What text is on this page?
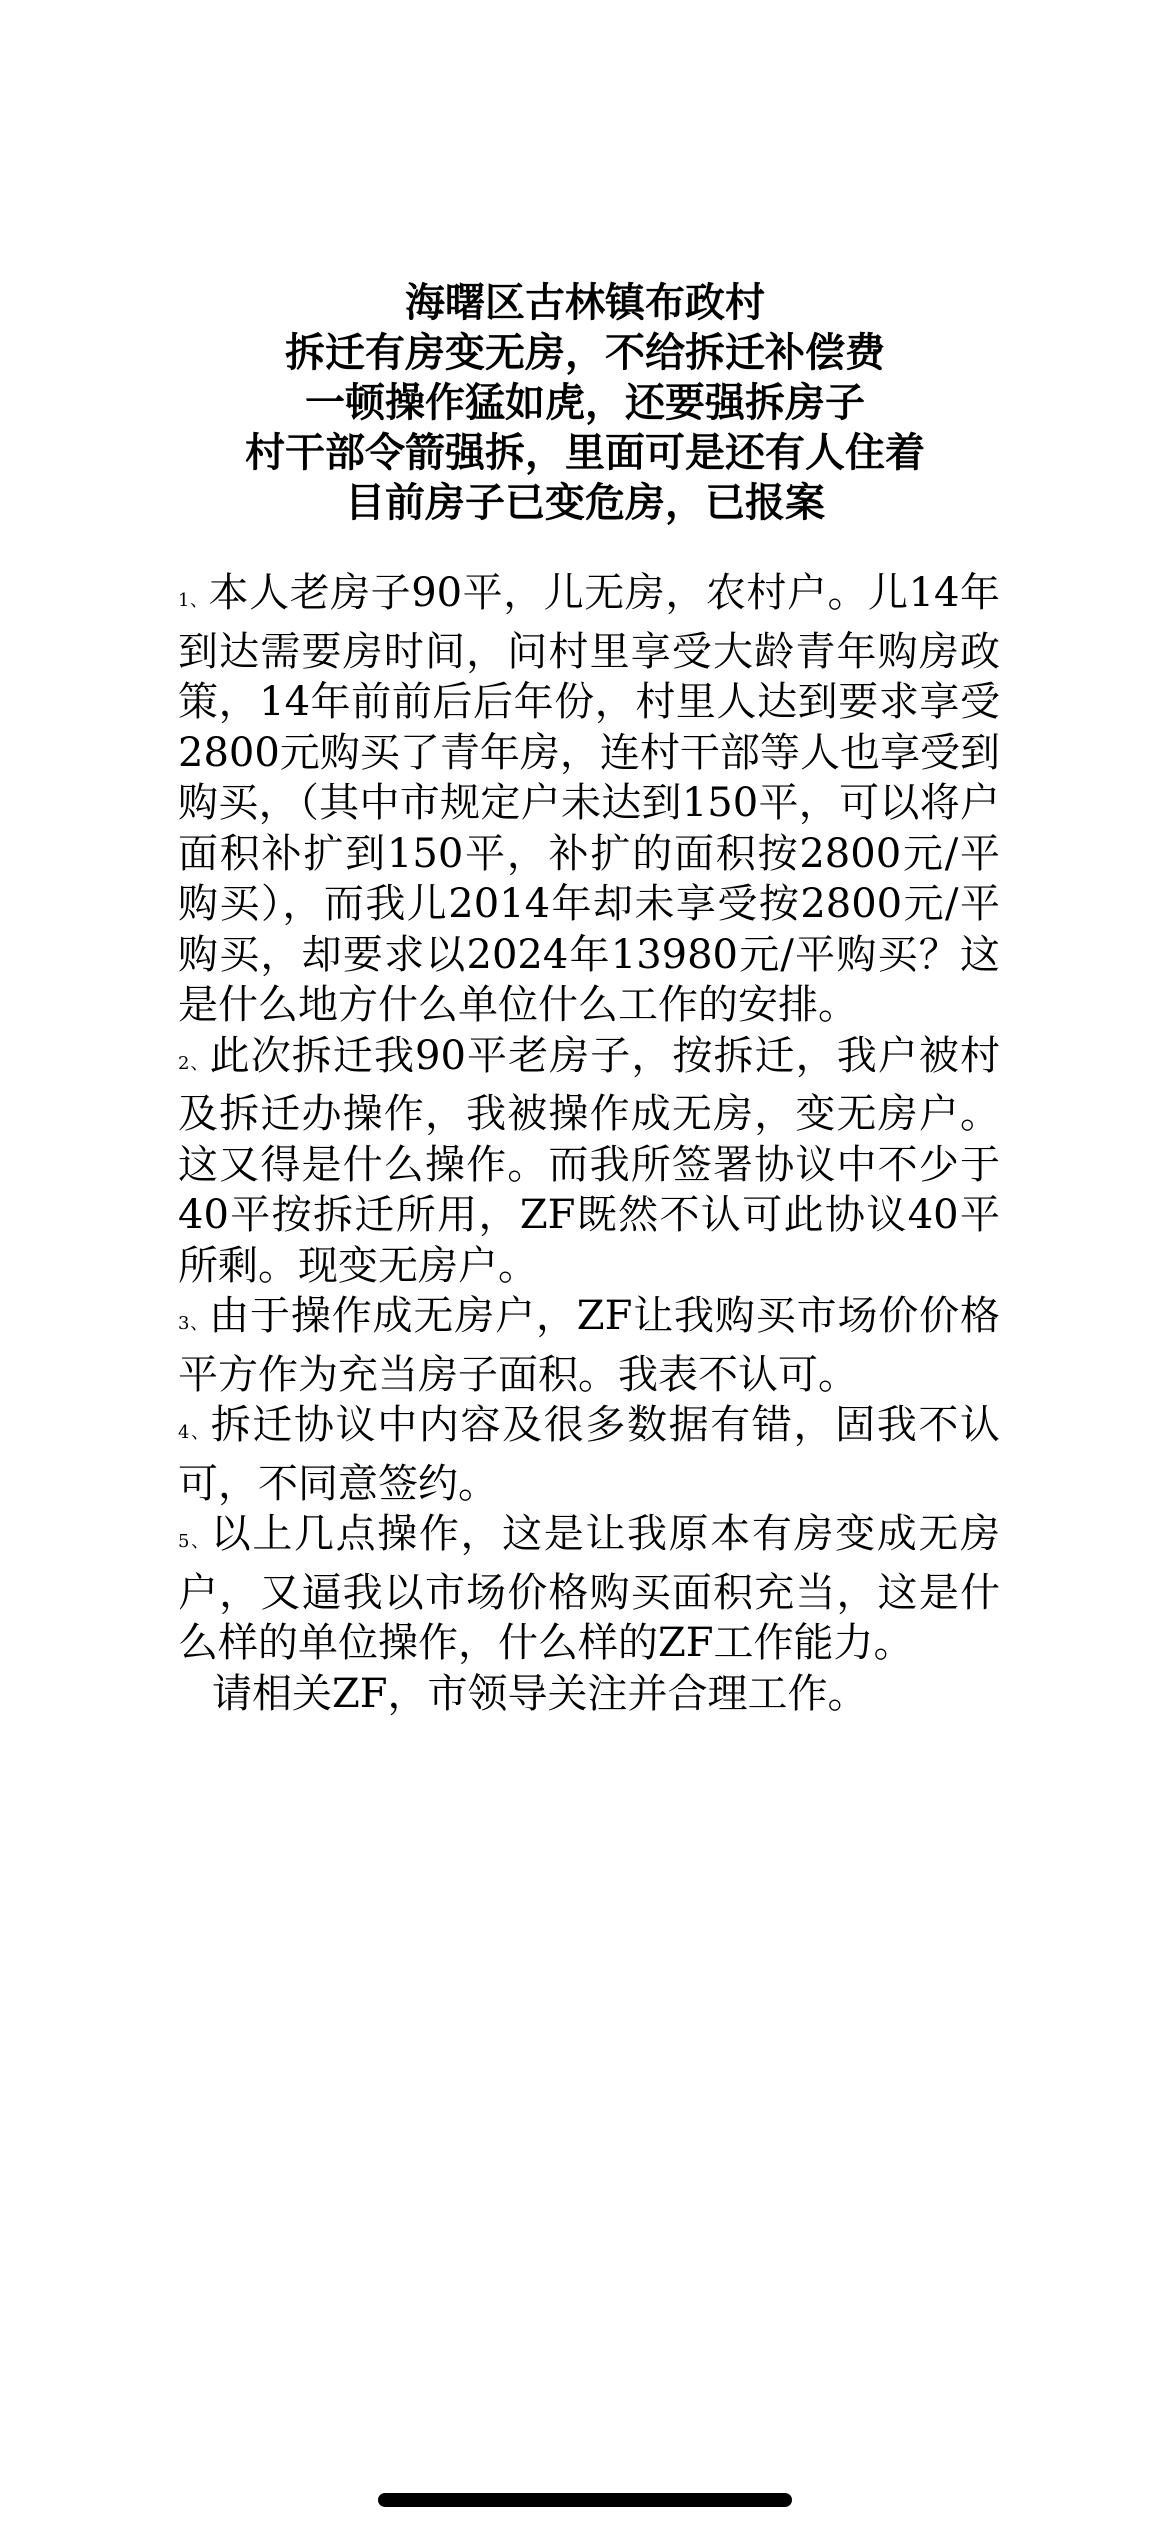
海曙区古林镇布政村
拆迁有房变无房，不给拆迁补偿费
一顿操作猛如虎，还要强拆房子
村干部令箭强拆，里面可是还有人住着
目前房子已变危房，已报案

1、本人老房子90平，儿无房，农村户。儿14年到达需要房时间，问村里享受大龄青年购房政策，14年前前后后年份，村里人达到要求享受2800元购买了青年房，连村干部等人也享受到购买，（其中市规定户未达到150平，可以将户面积补扩到150平，补扩的面积按2800元/平购买），而我儿2014年却未享受按2800元/平购买，却要求以2024年13980元/平购买？这是什么地方什么单位什么工作的安排。

2、此次拆迁我90平老房子，按拆迁，我户被村及拆迁办操作，我被操作成无房，变无房户。这又得是什么操作。而我所签署协议中不少于40平按拆迁所用，ZF既然不认可此协议40平所剩。现变无房户。

3、由于操作成无房户，ZF让我购买市场价价格平方作为充当房子面积。我表不认可。

4、拆迁协议中内容及很多数据有错，固我不认可，不同意签约。

5、以上几点操作，这是让我原本有房变成无房户，又逼我以市场价格购买面积充当，这是什么样的单位操作，什么样的ZF工作能力。

请相关ZF，市领导关注并合理工作。
